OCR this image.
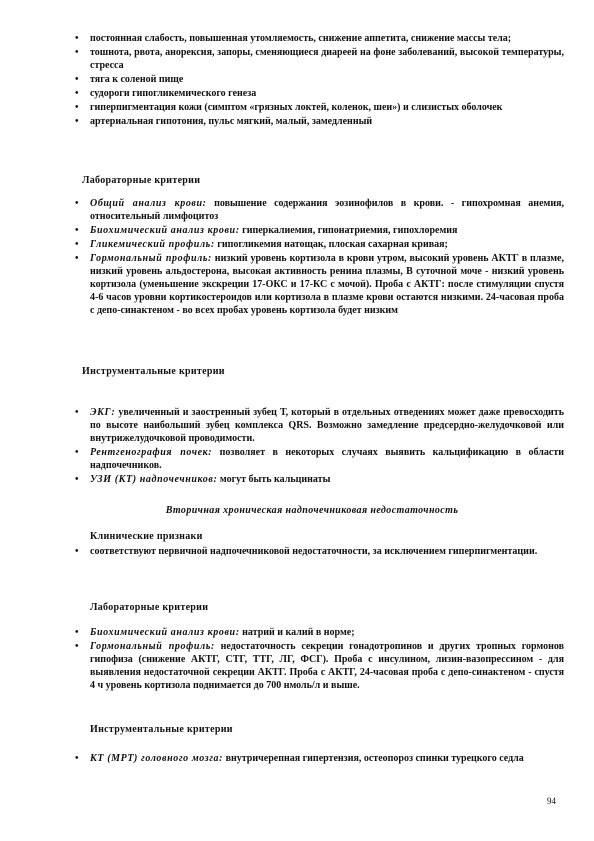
• постоянная слабость, повышенная утомляемость, снижение аппетита, снижение массы тела;
• тошнота, рвота, анорексия, запоры, сменяющиеся диареей на фоне заболеваний, высокой температуры, стресса
• тяга к соленой пище
• судороги гипогликемического генеза
• гиперпигментация кожи (симптом «грязных локтей, коленок, шеи») и слизистых оболочек
• артериальная гипотония, пульс мягкий, малый, замедленный
Лабораторные критерии
• Общий анализ крови: повышение содержания эозинофилов в крови. - гипохромная анемия, относительный лимфоцитоз
• Биохимический анализ крови: гиперкалиемия, гипонатриемия, гипохлоремия
• Гликемический профиль: гипогликемия натощак, плоская сахарная кривая;
• Гормональный профиль: низкий уровень кортизола в крови утром, высокий уровень АКТГ в плазме, низкий уровень альдостерона, высокая активность ренина плазмы, В суточной моче - низкий уровень кортизола (уменьшение экскреции 17-ОКС и 17-КС с мочой). Проба с АКТГ: после стимуляции спустя 4-6 часов уровни кортикостероидов или кортизола в плазме крови остаются низкими. 24-часовая проба с депо-синактеном - во всех пробах уровень кортизола будет низким
Инструментальные критерии
• ЭКГ: увеличенный и заостренный зубец Т, который в отдельных отведениях может даже превосходить по высоте наибольший зубец комплекса QRS. Возможно замедление предсердно-желудочковой или внутрижелудочковой проводимости.
• Рентгенография почек: позволяет в некоторых случаях выявить кальцификацию в области надпочечников.
• УЗИ (КТ) надпочечников: могут быть кальцинаты
Вторичная хроническая надпочечниковая недостаточность
Клинические признаки
• соответствуют первичной надпочечниковой недостаточности, за исключением гиперпигментации.
Лабораторные критерии
• Биохимический анализ крови: натрий и калий в норме;
• Гормональный профиль: недостаточность секреции гонадотропинов и других тропных гормонов гипофиза (снижение АКТГ, СТГ, ТТГ, ЛГ, ФСГ). Проба с инсулином, лизин-вазопрессином - для выявления недостаточной секреции АКТГ. Проба с АКТГ, 24-часовая проба с депо-синактеном - спустя 4 ч уровень кортизола поднимается до 700 нмоль/л и выше.
Инструментальные критерии
• КТ (МРТ) головного мозга: внутричерепная гипертензия, остеопороз спинки турецкого седла
94
